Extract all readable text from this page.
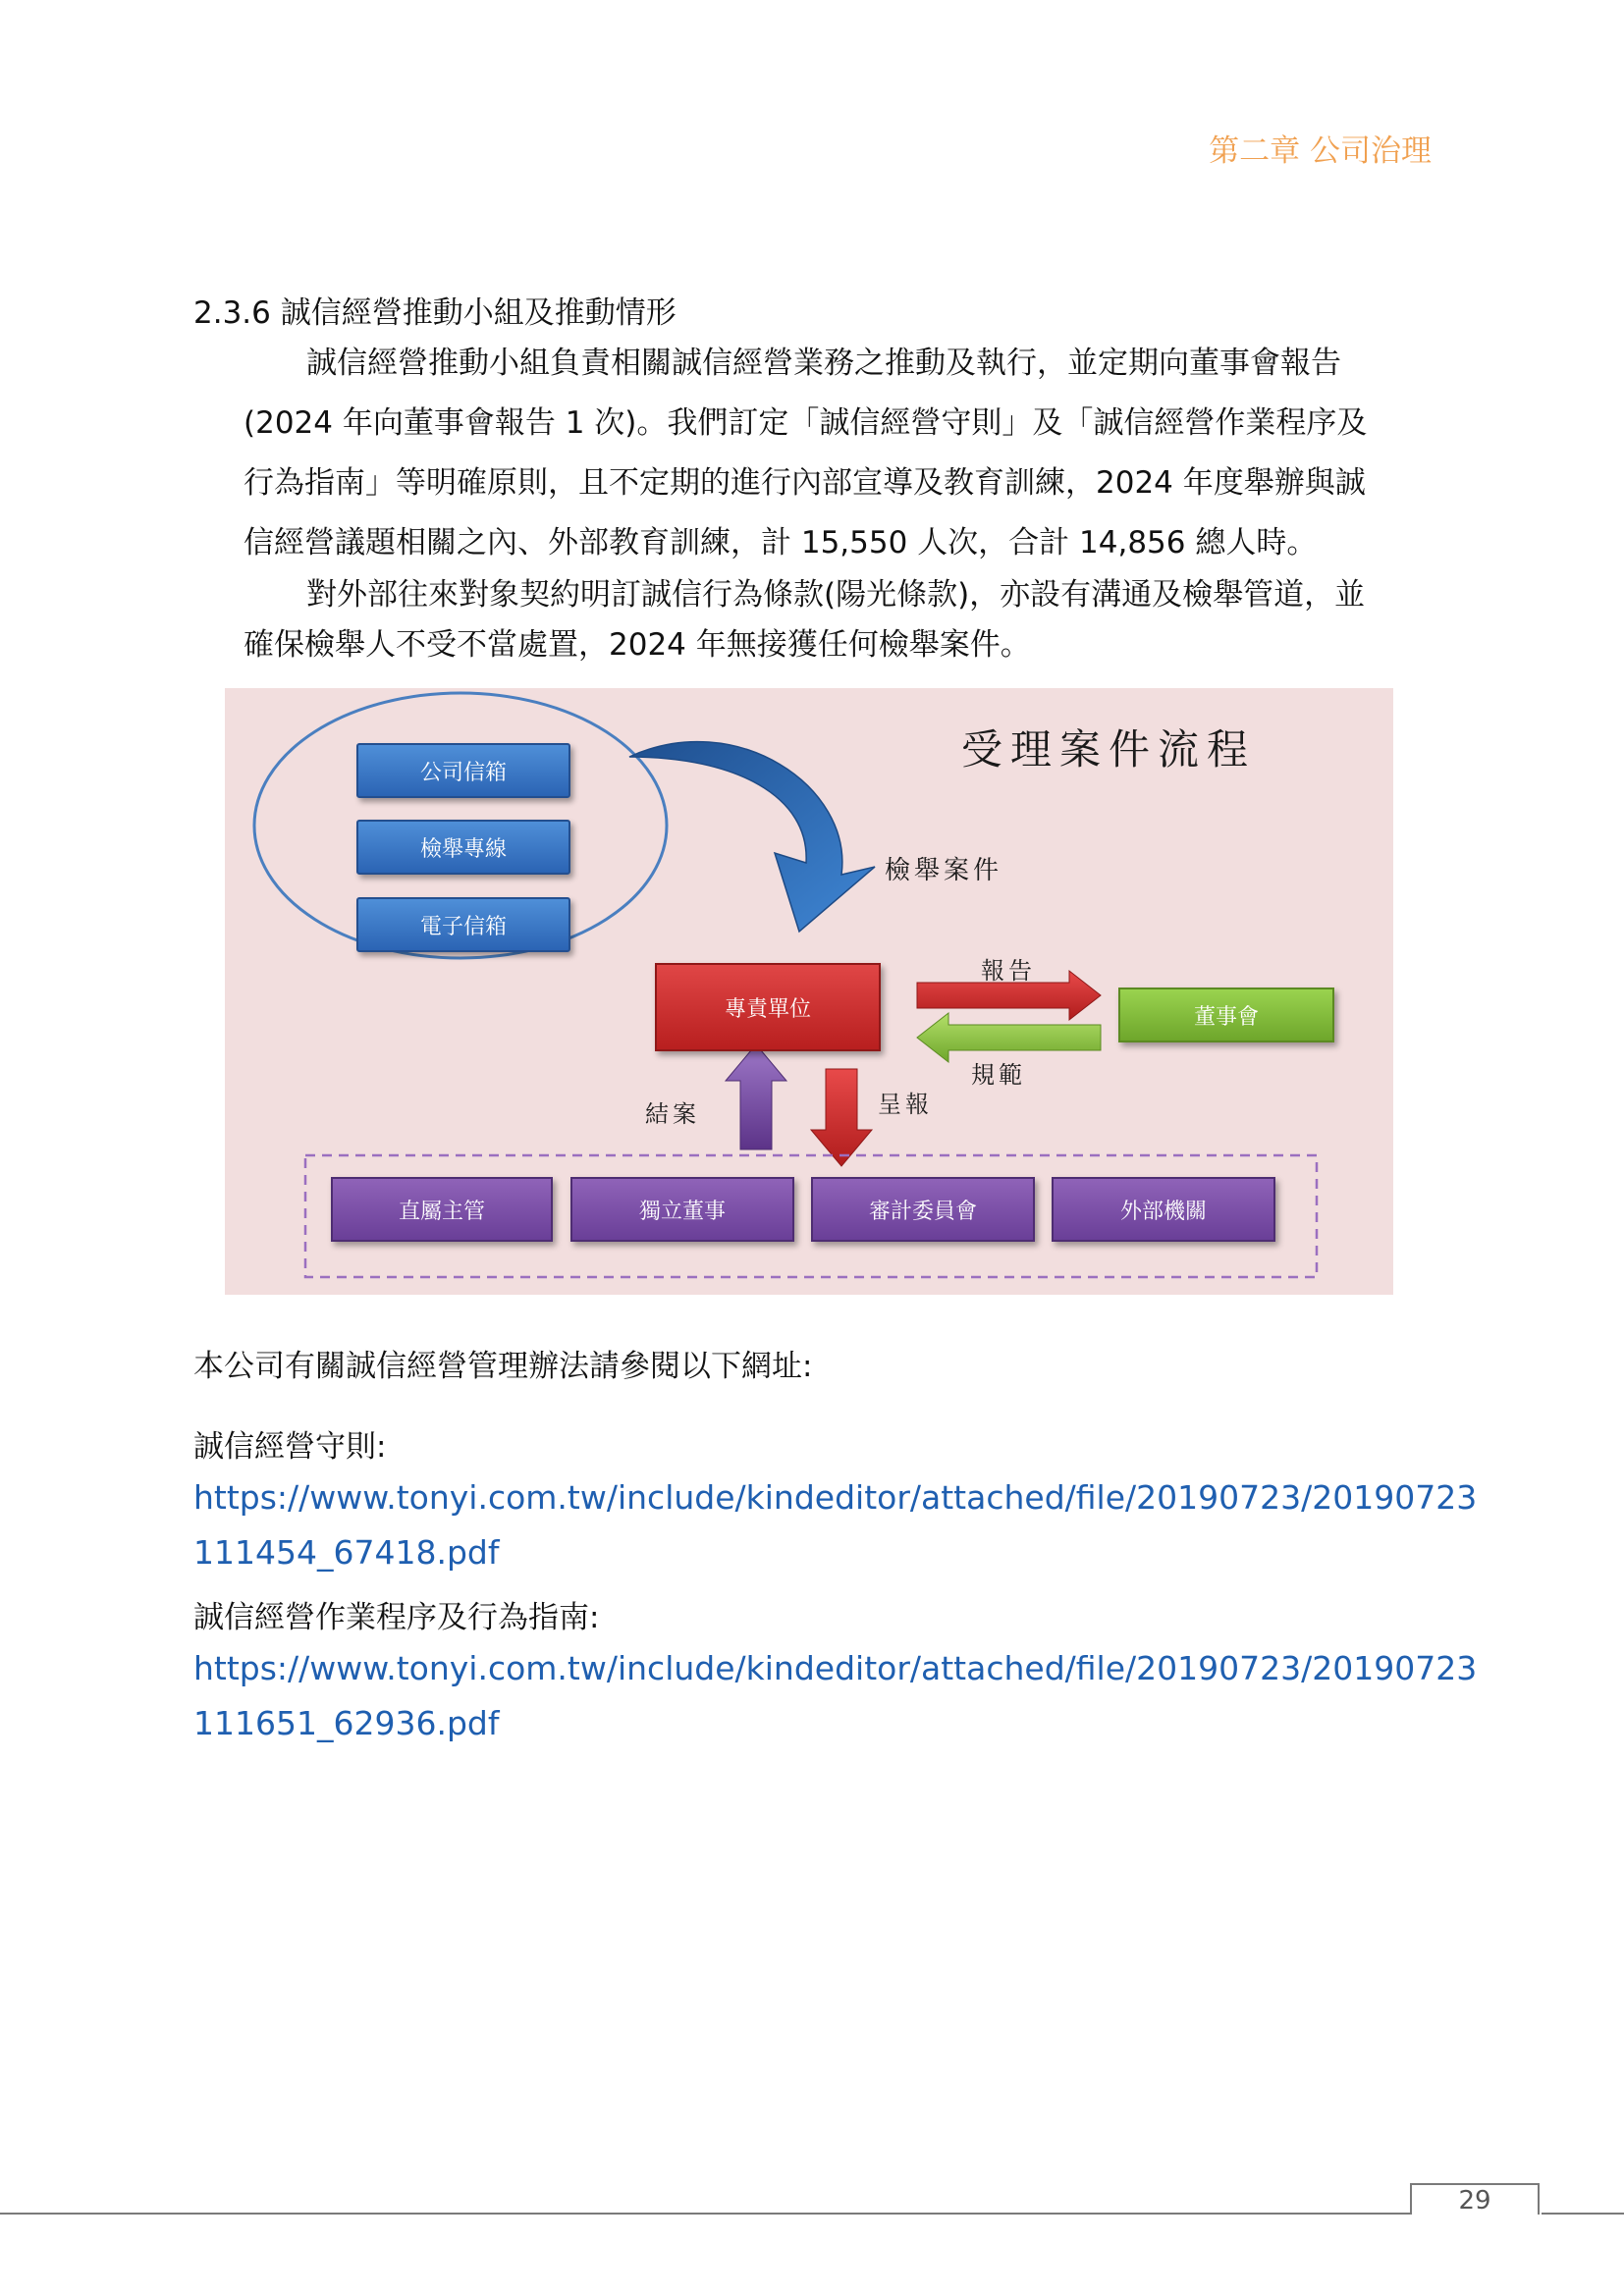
第二章 公司治理
2.3.6 誠信經營推動小組及推動情形
誠信經營推動小組負責相關誠信經營業務之推動及執行，並定期向董事會報告
(2024 年向董事會報告 1 次)。我們訂定「誠信經營守則」及「誠信經營作業程序及
行為指南」等明確原則，且不定期的進行內部宣導及教育訓練，2024 年度舉辦與誠
信經營議題相關之內、外部教育訓練，計 15,550 人次，合計 14,856 總人時。
對外部往來對象契約明訂誠信行為條款(陽光條款)，亦設有溝通及檢舉管道，並
確保檢舉人不受不當處置，2024 年無接獲任何檢舉案件。
受理案件流程
公司信箱
檢舉專線
電子信箱
檢舉案件
專責單位	董事會
報告
規範
結案	呈報
直屬主管	獨立董事	審計委員會	外部機關
本公司有關誠信經營管理辦法請參閱以下網址:
誠信經營守則:
https://www.tonyi.com.tw/include/kindeditor/attached/file/20190723/20190723
111454_67418.pdf
誠信經營作業程序及行為指南:
https://www.tonyi.com.tw/include/kindeditor/attached/file/20190723/20190723
111651_62936.pdf
29
